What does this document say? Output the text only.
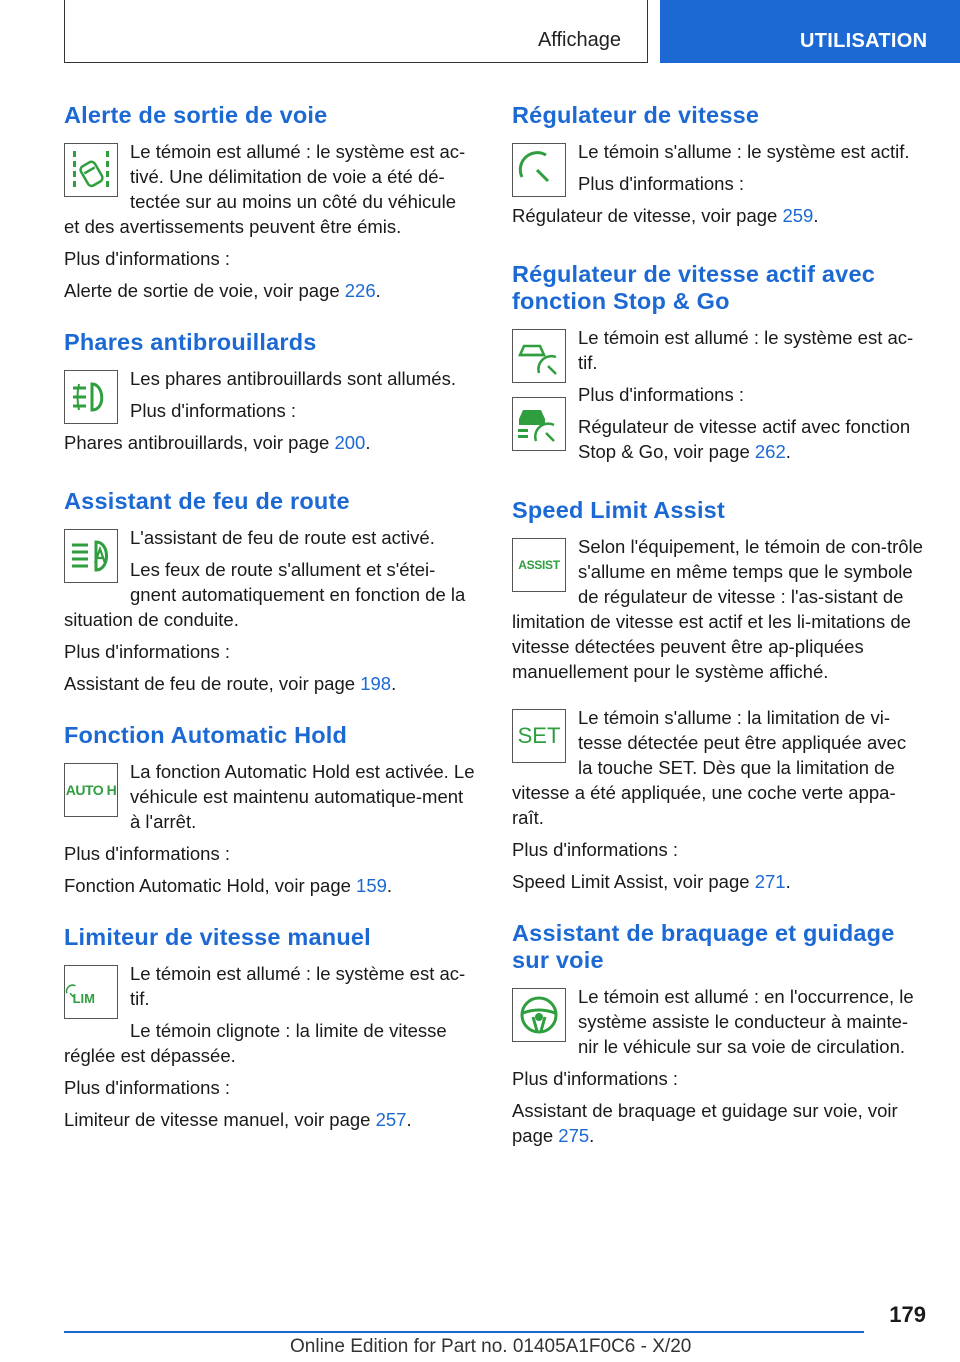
Affichage	UTILISATION
Alerte de sortie de voie

Le témoin est allumé : le système est ac-tivé. Une délimitation de voie a été dé-tectée sur au moins un côté du véhicule et des avertissements peuvent être émis.

Plus d'informations :

Alerte de sortie de voie, voir page 226.

Phares antibrouillards

Les phares antibrouillards sont allumés.

Plus d'informations :

Phares antibrouillards, voir page 200.

Assistant de feu de route

L'assistant de feu de route est activé.

Les feux de route s'allument et s'étei-gnent automatiquement en fonction de la situation de conduite.

Plus d'informations :

Assistant de feu de route, voir page 198.

Fonction Automatic Hold
AUTO H

La fonction Automatic Hold est activée. Le véhicule est maintenu automatique-ment à l'arrêt.

Plus d'informations :

Fonction Automatic Hold, voir page 159.

Limiteur de vitesse manuel
LIM

Le témoin est allumé : le système est ac-tif.

Le témoin clignote : la limite de vitesse réglée est dépassée.

Plus d'informations :

Limiteur de vitesse manuel, voir page 257.

Régulateur de vitesse

Le témoin s'allume : le système est actif.

Plus d'informations :

Régulateur de vitesse, voir page 259.

Régulateur de vitesse actif avec fonction Stop & Go

Le témoin est allumé : le système est ac-tif.

Plus d'informations :

Régulateur de vitesse actif avec fonction Stop & Go, voir page 262.

Speed Limit Assist
ASSIST

Selon l'équipement, le témoin de con-trôle s'allume en même temps que le symbole de régulateur de vitesse : l'as-sistant de limitation de vitesse est actif et les li-mitations de vitesse détectées peuvent être ap-pliquées manuellement pour le système affiché.

SET

Le témoin s'allume : la limitation de vi-tesse détectée peut être appliquée avec la touche SET. Dès que la limitation de vitesse a été appliquée, une coche verte appa-raît.

Plus d'informations :

Speed Limit Assist, voir page 271.

Assistant de braquage et guidage sur voie

Le témoin est allumé : en l'occurrence, le système assiste le conducteur à mainte-nir le véhicule sur sa voie de circulation.

Plus d'informations :

Assistant de braquage et guidage sur voie, voir page 275.

179
Online Edition for Part no. 01405A1F0C6 - X/20
